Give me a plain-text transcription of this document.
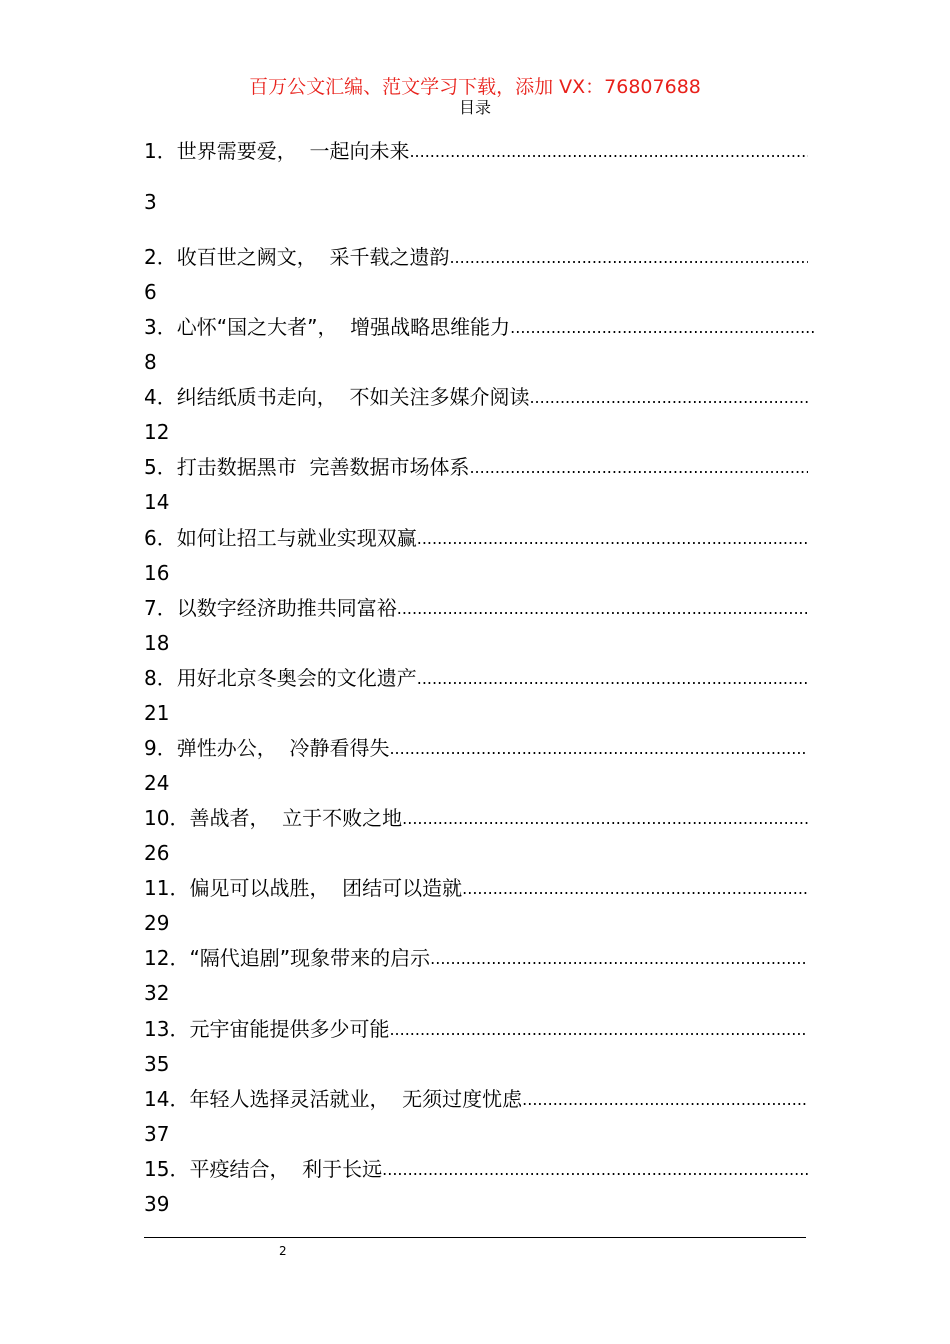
百万公文汇编、范文学习下载，添加 VX：76807688
目录
1．世界需要爱，  一起向未来
.....
3
2．收百世之阙文，  采千载之遗韵
.....
6
3．心怀“国之大者”，  增强战略思维能力
.....
8
4．纠结纸质书走向，  不如关注多媒介阅读
.....
12
5．打击数据黑市  完善数据市场体系
.....
14
6．如何让招工与就业实现双赢
.....
16
7．以数字经济助推共同富裕
.....
18
8．用好北京冬奥会的文化遗产
.....
21
9．弹性办公，  冷静看得失
.....
24
10．善战者，  立于不败之地
.....
26
11．偏见可以战胜，  团结可以造就
.....
29
12．“隔代追剧”现象带来的启示
.....
32
13．元宇宙能提供多少可能
.....
35
14．年轻人选择灵活就业，  无须过度忧虑
.....
37
15．平疫结合，  利于长远
.....
39
2
